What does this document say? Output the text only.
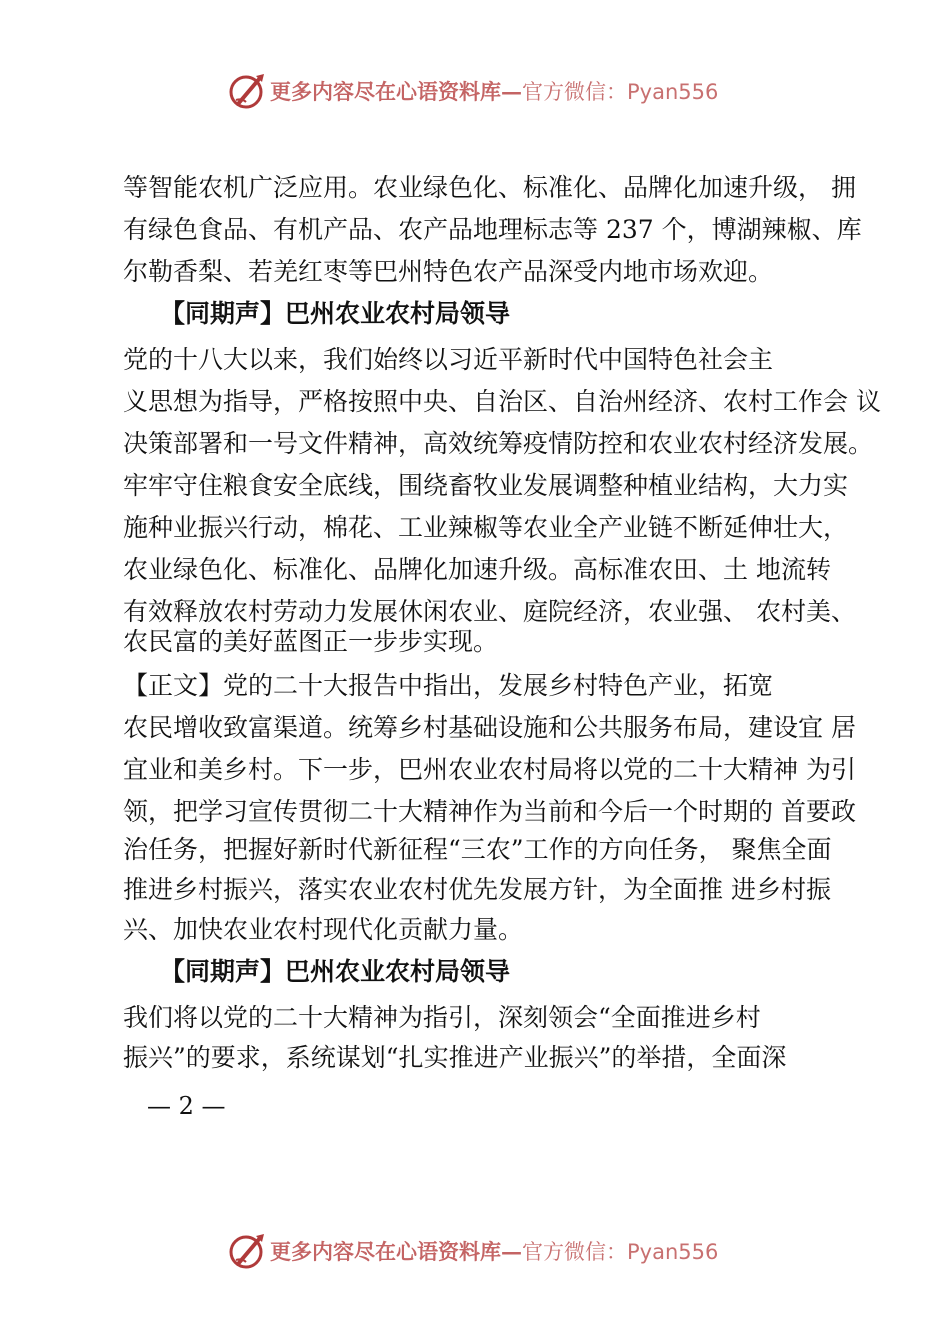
更多内容尽在心语资料库—官方微信：Pyan556
等智能农机广泛应用。农业绿色化、标准化、品牌化加速升级， 拥
有绿色食品、有机产品、农产品地理标志等 237 个，博湖辣椒、库
尔勒香梨、若羌红枣等巴州特色农产品深受内地市场欢迎。
【同期声】巴州农业农村局领导
党的十八大以来，我们始终以习近平新时代中国特色社会主
义思想为指导，严格按照中央、自治区、自治州经济、农村工作会 议
决策部署和一号文件精神，高效统筹疫情防控和农业农村经济发展。
牢牢守住粮食安全底线，围绕畜牧业发展调整种植业结构，大力实
施种业振兴行动，棉花、工业辣椒等农业全产业链不断延伸壮大，
农业绿色化、标准化、品牌化加速升级。高标准农田、土 地流转
有效释放农村劳动力发展休闲农业、庭院经济，农业强、 农村美、
农民富的美好蓝图正一步步实现。
【正文】党的二十大报告中指出，发展乡村特色产业，拓宽
农民增收致富渠道。统筹乡村基础设施和公共服务布局，建设宜 居
宜业和美乡村。下一步，巴州农业农村局将以党的二十大精神 为引
领，把学习宣传贯彻二十大精神作为当前和今后一个时期的 首要政
治任务，把握好新时代新征程“三农”工作的方向任务， 聚焦全面
推进乡村振兴，落实农业农村优先发展方针，为全面推 进乡村振
兴、加快农业农村现代化贡献力量。
【同期声】巴州农业农村局领导
我们将以党的二十大精神为指引，深刻领会“全面推进乡村
振兴”的要求，系统谋划“扎实推进产业振兴”的举措，全面深
— 2 —
更多内容尽在心语资料库—官方微信：Pyan556
